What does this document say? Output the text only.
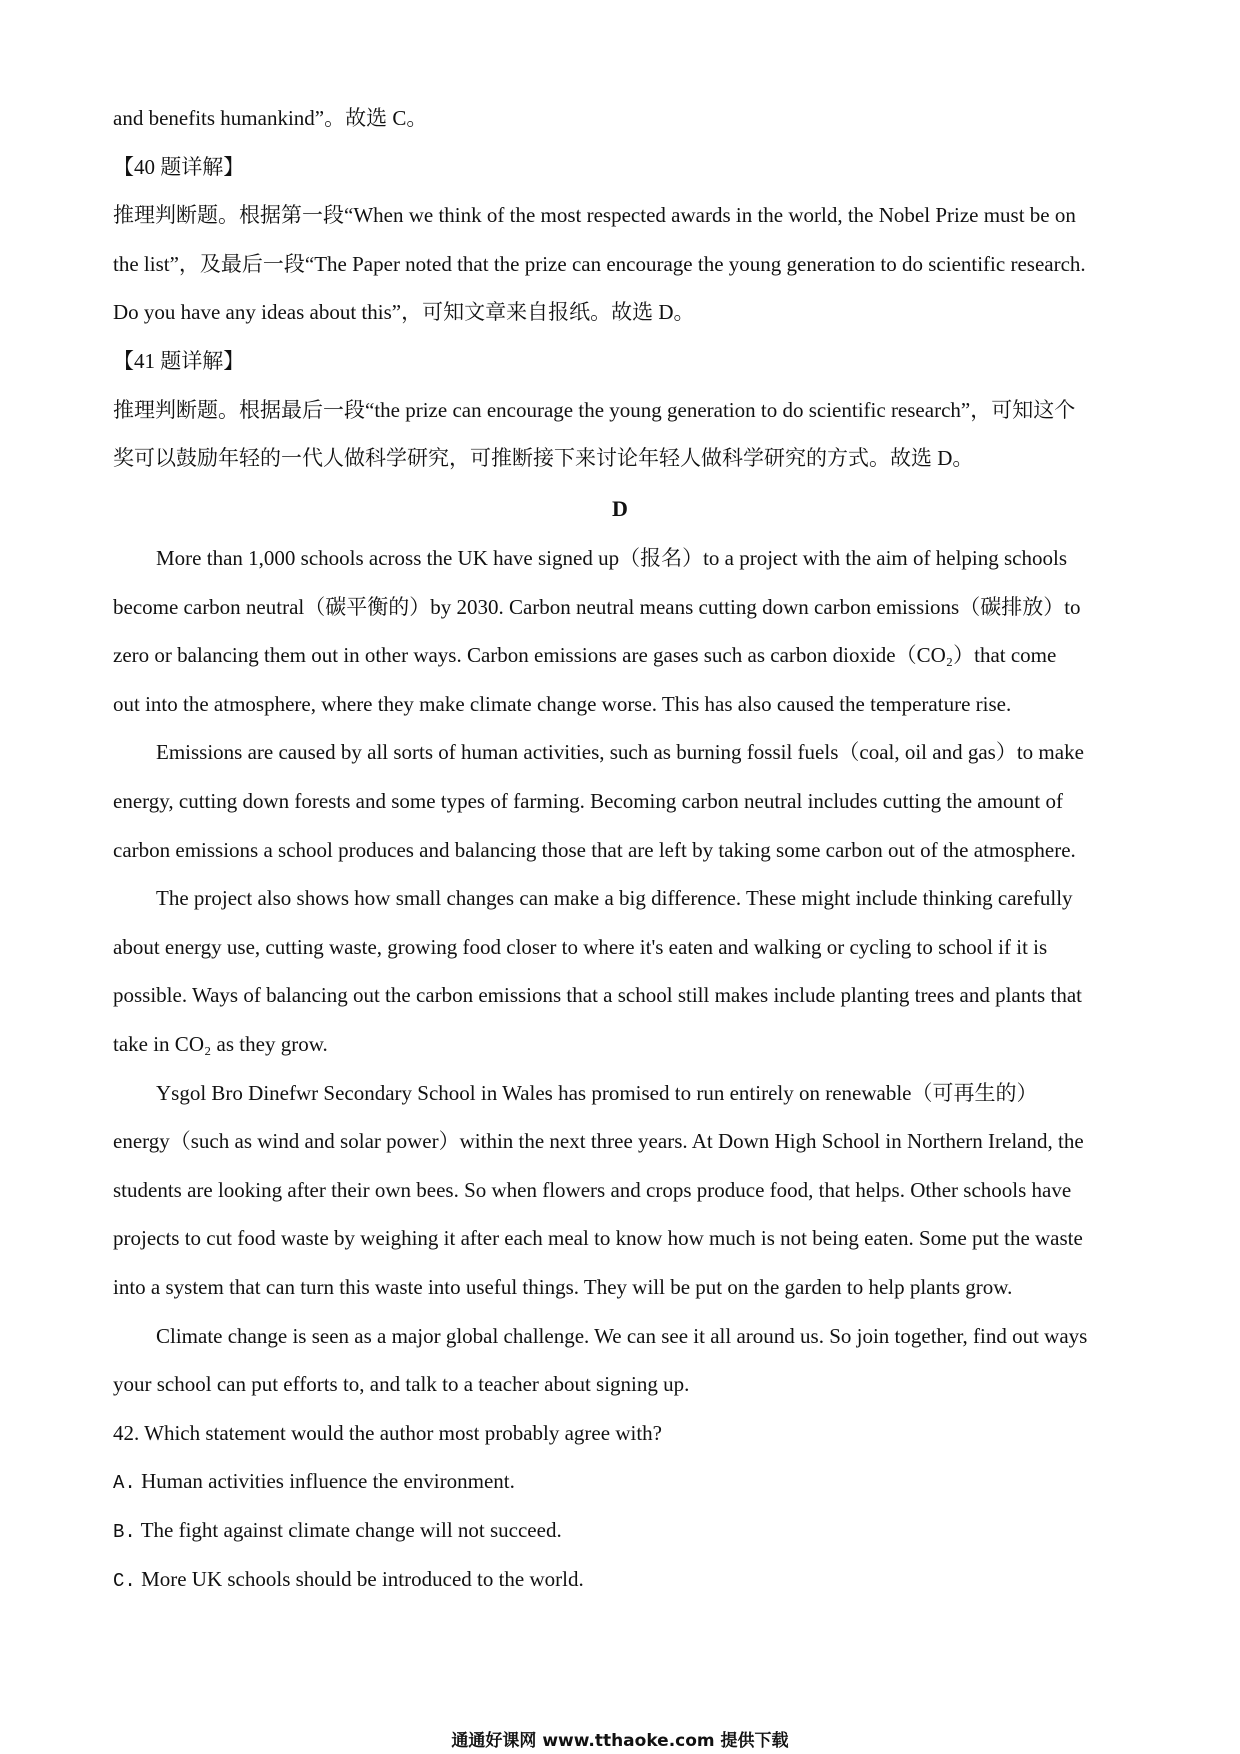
and benefits humankind”。故选 C。
【40 题详解】
推理判断题。根据第一段“When we think of the most respected awards in the world, the Nobel Prize must be on
the list”，及最后一段“The Paper noted that the prize can encourage the young generation to do scientific research.
Do you have any ideas about this”，可知文章来自报纸。故选 D。
【41 题详解】
推理判断题。根据最后一段“the prize can encourage the young generation to do scientific research”，可知这个
奖可以鼓励年轻的一代人做科学研究，可推断接下来讨论年轻人做科学研究的方式。故选 D。
D
More than 1,000 schools across the UK have signed up（报名）to a project with the aim of helping schools
become carbon neutral（碳平衡的）by 2030. Carbon neutral means cutting down carbon emissions（碳排放）to
zero or balancing them out in other ways. Carbon emissions are gases such as carbon dioxide（CO₂）that come
out into the atmosphere, where they make climate change worse. This has also caused the temperature rise.
Emissions are caused by all sorts of human activities, such as burning fossil fuels（coal, oil and gas）to make
energy, cutting down forests and some types of farming. Becoming carbon neutral includes cutting the amount of
carbon emissions a school produces and balancing those that are left by taking some carbon out of the atmosphere.
The project also shows how small changes can make a big difference. These might include thinking carefully
about energy use, cutting waste, growing food closer to where it's eaten and walking or cycling to school if it is
possible. Ways of balancing out the carbon emissions that a school still makes include planting trees and plants that
take in CO₂ as they grow.
Ysgol Bro Dinefwr Secondary School in Wales has promised to run entirely on renewable（可再生的）
energy（such as wind and solar power）within the next three years. At Down High School in Northern Ireland, the
students are looking after their own bees. So when flowers and crops produce food, that helps. Other schools have
projects to cut food waste by weighing it after each meal to know how much is not being eaten. Some put the waste
into a system that can turn this waste into useful things. They will be put on the garden to help plants grow.
Climate change is seen as a major global challenge. We can see it all around us. So join together, find out ways
your school can put efforts to, and talk to a teacher about signing up.
42. Which statement would the author most probably agree with?
A. Human activities influence the environment.
B. The fight against climate change will not succeed.
C. More UK schools should be introduced to the world.
通通好课网 www.tthaoke.com 提供下载
